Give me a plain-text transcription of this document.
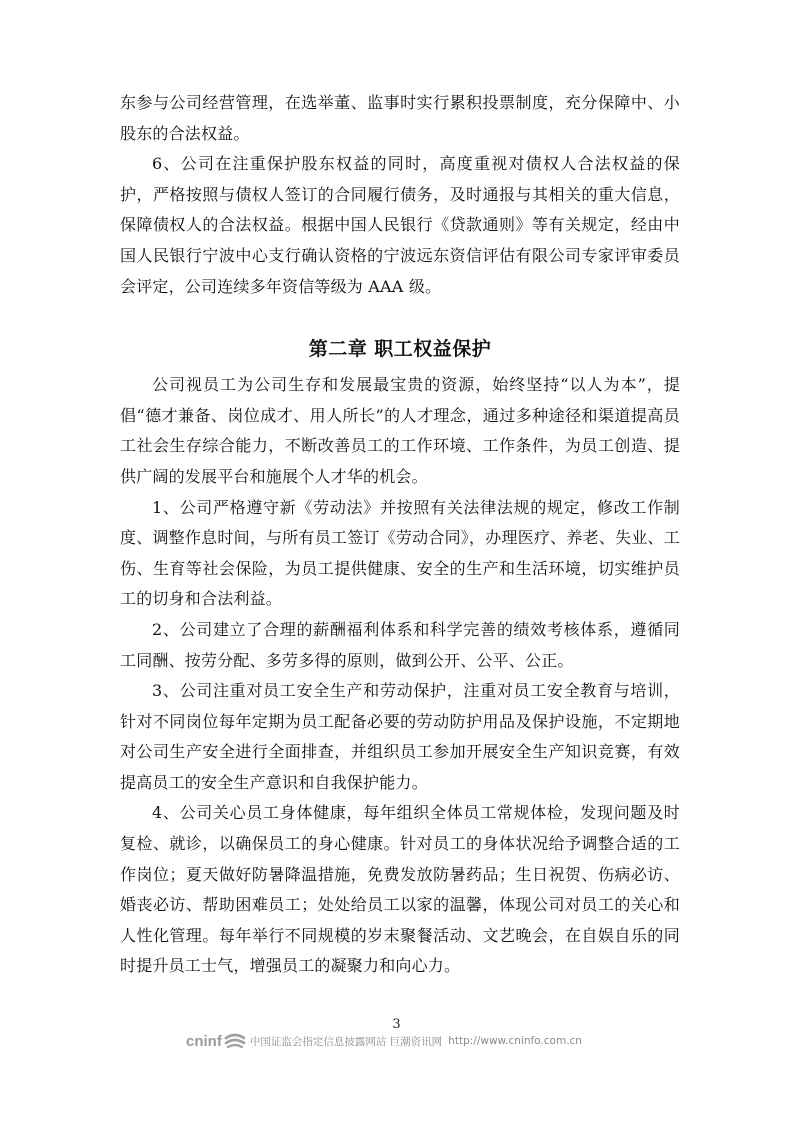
东参与公司经营管理，在选举董、监事时实行累积投票制度，充分保障中、小股东的合法权益。

6、公司在注重保护股东权益的同时，高度重视对债权人合法权益的保护，严格按照与债权人签订的合同履行债务，及时通报与其相关的重大信息，保障债权人的合法权益。根据中国人民银行《贷款通则》等有关规定，经由中国人民银行宁波中心支行确认资格的宁波远东资信评估有限公司专家评审委员会评定，公司连续多年资信等级为 AAA 级。

第二章 职工权益保护

公司视员工为公司生存和发展最宝贵的资源，始终坚持“以人为本”，提倡“德才兼备、岗位成才、用人所长”的人才理念，通过多种途径和渠道提高员工社会生存综合能力，不断改善员工的工作环境、工作条件，为员工创造、提供广阔的发展平台和施展个人才华的机会。

1、公司严格遵守新《劳动法》并按照有关法律法规的规定，修改工作制度、调整作息时间，与所有员工签订《劳动合同》，办理医疗、养老、失业、工伤、生育等社会保险，为员工提供健康、安全的生产和生活环境，切实维护员工的切身和合法利益。

2、公司建立了合理的薪酬福利体系和科学完善的绩效考核体系，遵循同工同酬、按劳分配、多劳多得的原则，做到公开、公平、公正。

3、公司注重对员工安全生产和劳动保护，注重对员工安全教育与培训，针对不同岗位每年定期为员工配备必要的劳动防护用品及保护设施，不定期地对公司生产安全进行全面排查，并组织员工参加开展安全生产知识竞赛，有效提高员工的安全生产意识和自我保护能力。

4、公司关心员工身体健康，每年组织全体员工常规体检，发现问题及时复检、就诊，以确保员工的身心健康。针对员工的身体状况给予调整合适的工作岗位；夏天做好防暑降温措施，免费发放防暑药品；生日祝贺、伤病必访、婚丧必访、帮助困难员工；处处给员工以家的温馨，体现公司对员工的关心和人性化管理。每年举行不同规模的岁末聚餐活动、文艺晚会，在自娱自乐的同时提升员工士气，增强员工的凝聚力和向心力。

3
cninf	中国证监会指定信息披露网站 巨潮资讯网 http://www.cninfo.com.cn
